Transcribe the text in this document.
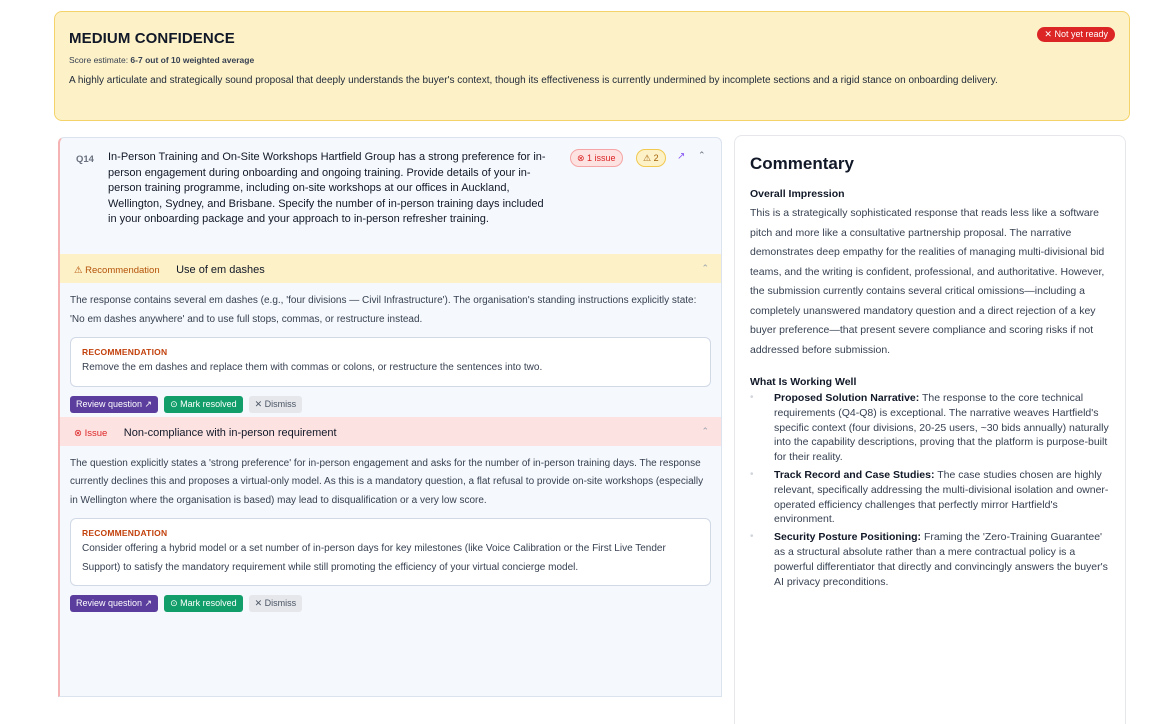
MEDIUM CONFIDENCE
Score estimate: 6-7 out of 10 weighted average
A highly articulate and strategically sound proposal that deeply understands the buyer's context, though its effectiveness is currently undermined by incomplete sections and a rigid stance on onboarding delivery.
✕ Not yet ready
Q14 In-Person Training and On-Site Workshops Hartfield Group has a strong preference for in-person engagement during onboarding and ongoing training. Provide details of your in-person training programme, including on-site workshops at our offices in Auckland, Wellington, Sydney, and Brisbane. Specify the number of in-person training days included in your onboarding package and your approach to in-person refresher training.
⊗ 1 issue	⚠ 2	↗ ⌃
⚠ Recommendation Use of em dashes	⌃
The response contains several em dashes (e.g., 'four divisions — Civil Infrastructure'). The organisation's standing instructions explicitly state: 'No em dashes anywhere' and to use full stops, commas, or restructure instead.
RECOMMENDATION
Remove the em dashes and replace them with commas or colons, or restructure the sentences into two.
Review question ↗	⊙ Mark resolved	✕ Dismiss
⊗ Issue Non-compliance with in-person requirement	⌃
The question explicitly states a 'strong preference' for in-person engagement and asks for the number of in-person training days. The response currently declines this and proposes a virtual-only model. As this is a mandatory question, a flat refusal to provide on-site workshops (especially in Wellington where the organisation is based) may lead to disqualification or a very low score.
RECOMMENDATION
Consider offering a hybrid model or a set number of in-person days for key milestones (like Voice Calibration or the First Live Tender Support) to satisfy the mandatory requirement while still promoting the efficiency of your virtual concierge model.
Review question ↗	⊙ Mark resolved	✕ Dismiss
Commentary
Overall Impression
This is a strategically sophisticated response that reads less like a software pitch and more like a consultative partnership proposal. The narrative demonstrates deep empathy for the realities of managing multi-divisional bid teams, and the writing is confident, professional, and authoritative. However, the submission currently contains several critical omissions—including a completely unanswered mandatory question and a direct rejection of a key buyer preference—that present severe compliance and scoring risks if not addressed before submission.
What Is Working Well
• Proposed Solution Narrative: The response to the core technical requirements (Q4-Q8) is exceptional. The narrative weaves Hartfield's specific context (four divisions, 20-25 users, ~30 bids annually) naturally into the capability descriptions, proving that the platform is purpose-built for their reality.
• Track Record and Case Studies: The case studies chosen are highly relevant, specifically addressing the multi-divisional isolation and owner-operated efficiency challenges that perfectly mirror Hartfield's environment.
• Security Posture Positioning: Framing the 'Zero-Training Guarantee' as a structural absolute rather than a mere contractual policy is a powerful differentiator that directly and convincingly answers the buyer's AI privacy preconditions.
